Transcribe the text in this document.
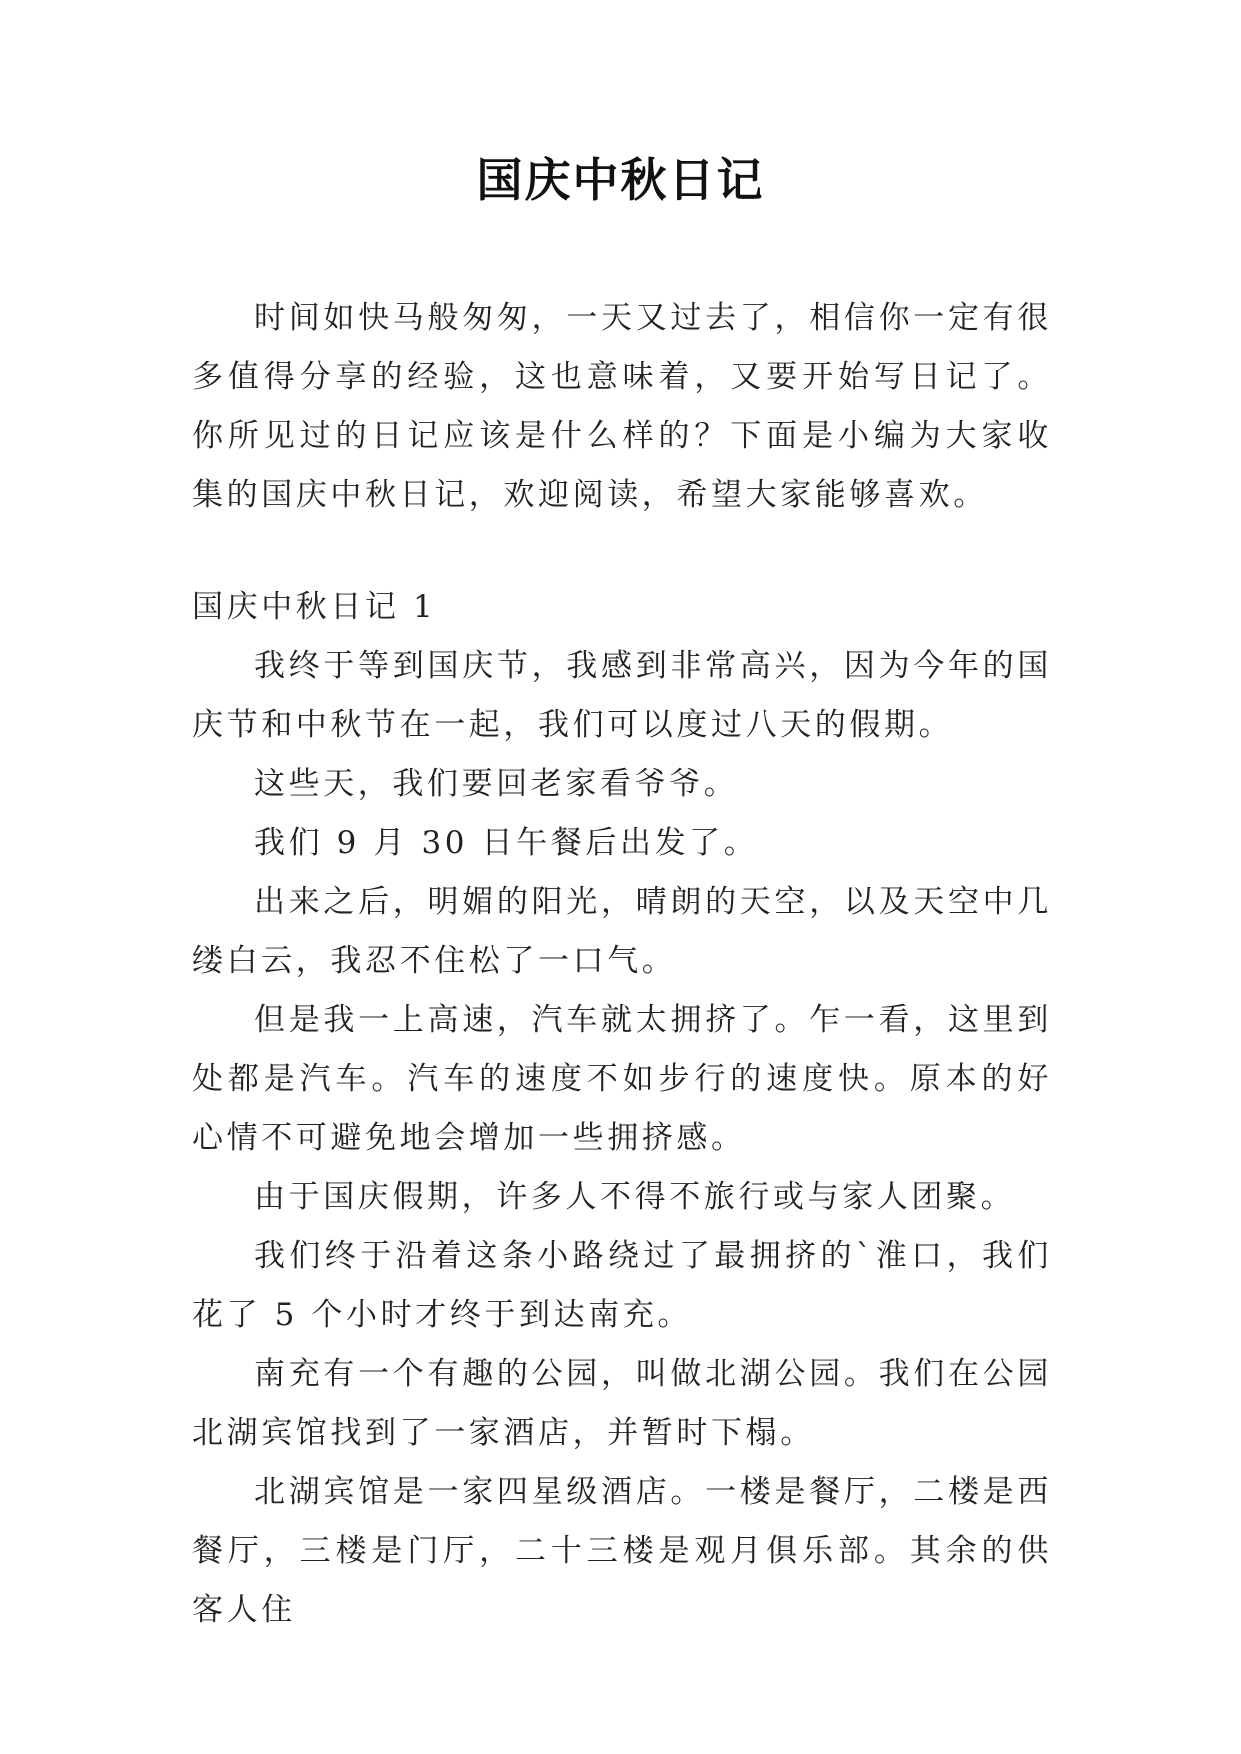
国庆中秋日记

时间如快马般匆匆，一天又过去了，相信你一定有很多值得分享的经验，这也意味着，又要开始写日记了。你所见过的日记应该是什么样的？下面是小编为大家收集的国庆中秋日记，欢迎阅读，希望大家能够喜欢。

国庆中秋日记 1

我终于等到国庆节，我感到非常高兴，因为今年的国庆节和中秋节在一起，我们可以度过八天的假期。

这些天，我们要回老家看爷爷。

我们 9 月 30 日午餐后出发了。

出来之后，明媚的阳光，晴朗的天空，以及天空中几缕白云，我忍不住松了一口气。

但是我一上高速，汽车就太拥挤了。乍一看，这里到处都是汽车。汽车的速度不如步行的速度快。原本的好心情不可避免地会增加一些拥挤感。

由于国庆假期，许多人不得不旅行或与家人团聚。

我们终于沿着这条小路绕过了最拥挤的`淮口，我们花了 5 个小时才终于到达南充。

南充有一个有趣的公园，叫做北湖公园。我们在公园北湖宾馆找到了一家酒店，并暂时下榻。

北湖宾馆是一家四星级酒店。一楼是餐厅，二楼是西餐厅，三楼是门厅，二十三楼是观月俱乐部。其余的供客人住
